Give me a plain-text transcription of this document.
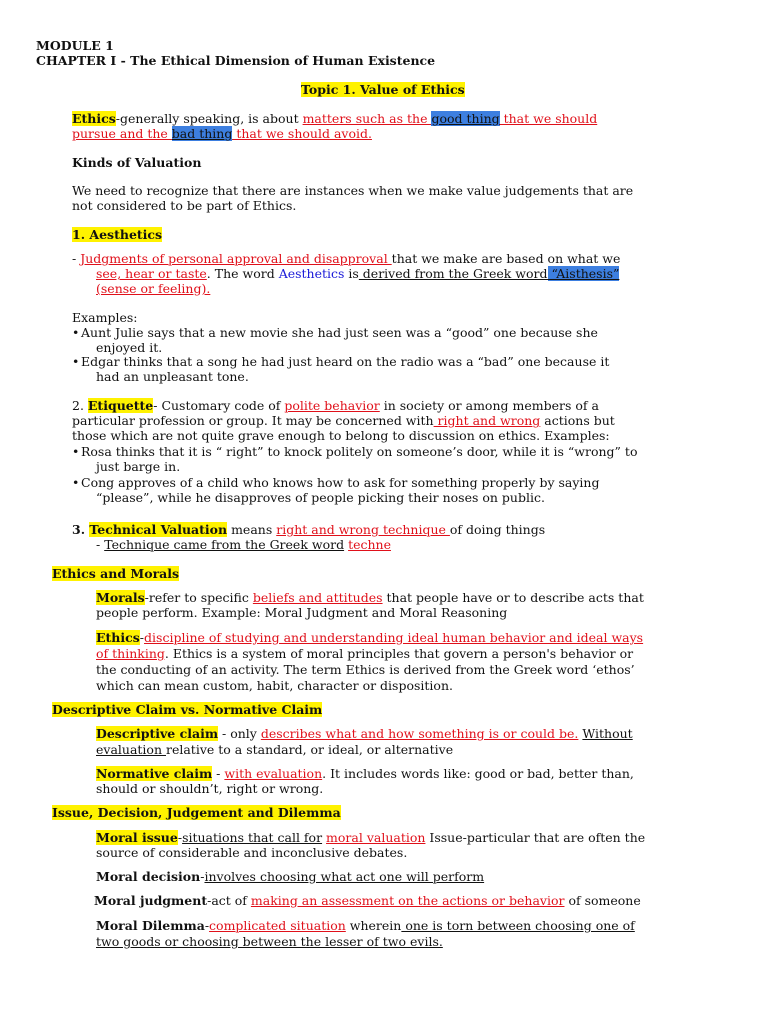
MODULE 1
CHAPTER I - The Ethical Dimension of Human Existence
Topic 1. Value of Ethics
Ethics-generally speaking, is about matters such as the good thing that we should
pursue and the bad thing that we should avoid.
Kinds of Valuation
We need to recognize that there are instances when we make value judgements that are
not considered to be part of Ethics.
1. Aesthetics
- Judgments of personal approval and disapproval that we make are based on what we
see, hear or taste. The word Aesthetics is derived from the Greek word “Aisthesis”
(sense or feeling).
Examples:
• Aunt Julie says that a new movie she had just seen was a “good” one because she
enjoyed it.
• Edgar thinks that a song he had just heard on the radio was a “bad” one because it
had an unpleasant tone.
2. Etiquette- Customary code of polite behavior in society or among members of a
particular profession or group. It may be concerned with right and wrong actions but
those which are not quite grave enough to belong to discussion on ethics. Examples:
• Rosa thinks that it is “ right” to knock politely on someone’s door, while it is “wrong” to
just barge in.
• Cong approves of a child who knows how to ask for something properly by saying
“please”, while he disapproves of people picking their noses on public.
3. Technical Valuation means right and wrong technique of doing things
- Technique came from the Greek word techne
Ethics and Morals
Morals-refer to specific beliefs and attitudes that people have or to describe acts that
people perform. Example: Moral Judgment and Moral Reasoning
Ethics-discipline of studying and understanding ideal human behavior and ideal ways
of thinking. Ethics is a system of moral principles that govern a person's behavior or
the conducting of an activity. The term Ethics is derived from the Greek word ‘ethos’
which can mean custom, habit, character or disposition.
Descriptive Claim vs. Normative Claim
Descriptive claim - only describes what and how something is or could be. Without
evaluation relative to a standard, or ideal, or alternative
Normative claim - with evaluation. It includes words like: good or bad, better than,
should or shouldn’t, right or wrong.
Issue, Decision, Judgement and Dilemma
Moral issue-situations that call for moral valuation Issue-particular that are often the
source of considerable and inconclusive debates.
Moral decision-involves choosing what act one will perform
Moral judgment-act of making an assessment on the actions or behavior of someone
Moral Dilemma-complicated situation wherein one is torn between choosing one of
two goods or choosing between the lesser of two evils.
